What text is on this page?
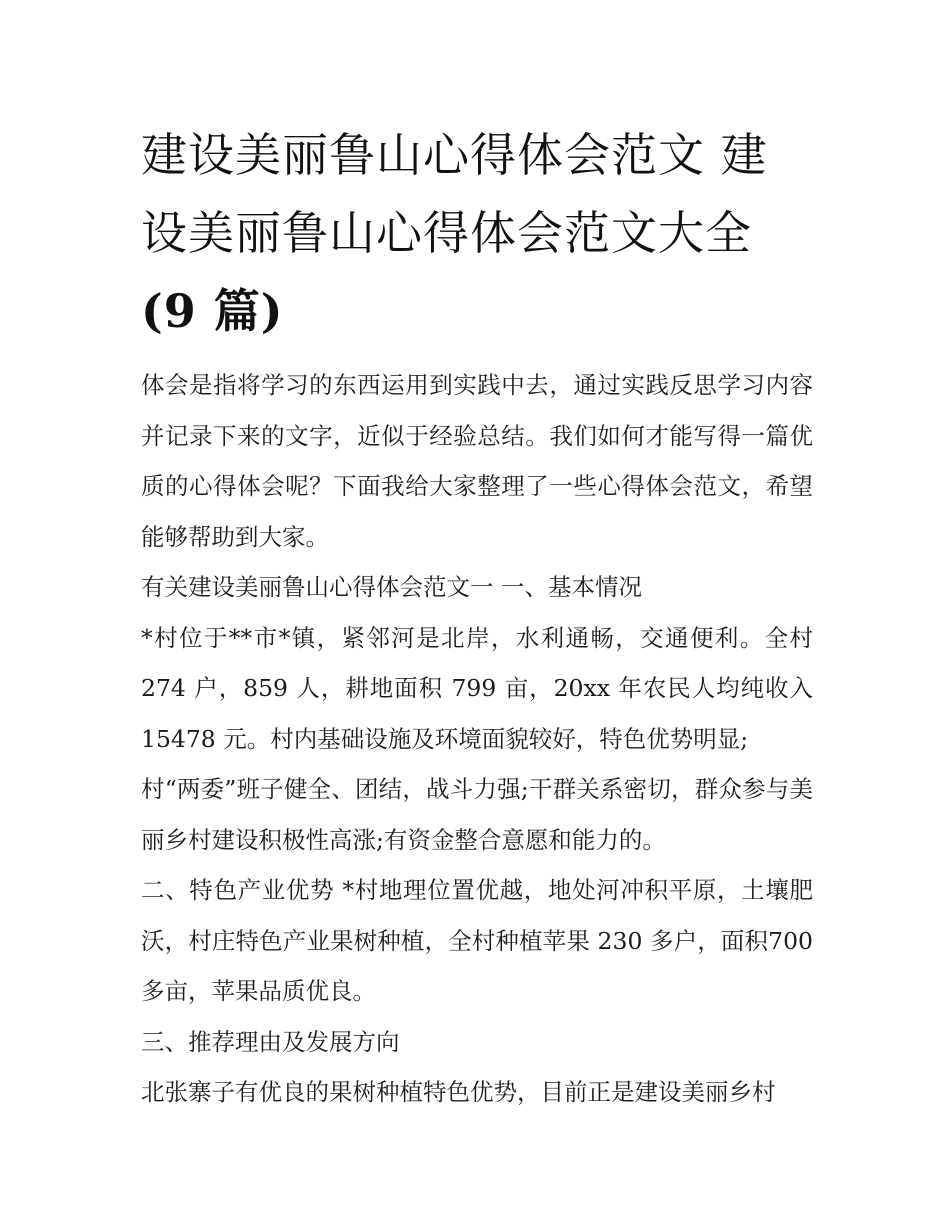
建设美丽鲁山心得体会范文 建
设美丽鲁山心得体会范文大全
(9 篇)

体会是指将学习的东西运用到实践中去，通过实践反思学习内容并记录下来的文字，近似于经验总结。我们如何才能写得一篇优质的心得体会呢？下面我给大家整理了一些心得体会范文，希望能够帮助到大家。

有关建设美丽鲁山心得体会范文一 一、基本情况

*村位于**市*镇，紧邻河是北岸，水利通畅，交通便利。全村274 户，859 人，耕地面积 799 亩，20xx 年农民人均纯收入15478 元。村内基础设施及环境面貌较好，特色优势明显;

村“两委”班子健全、团结，战斗力强;干群关系密切，群众参与美丽乡村建设积极性高涨;有资金整合意愿和能力的。

二、特色产业优势 *村地理位置优越，地处河冲积平原，土壤肥沃，村庄特色产业果树种植，全村种植苹果 230 多户，面积700 多亩，苹果品质优良。

三、推荐理由及发展方向

北张寨子有优良的果树种植特色优势，目前正是建设美丽乡村
